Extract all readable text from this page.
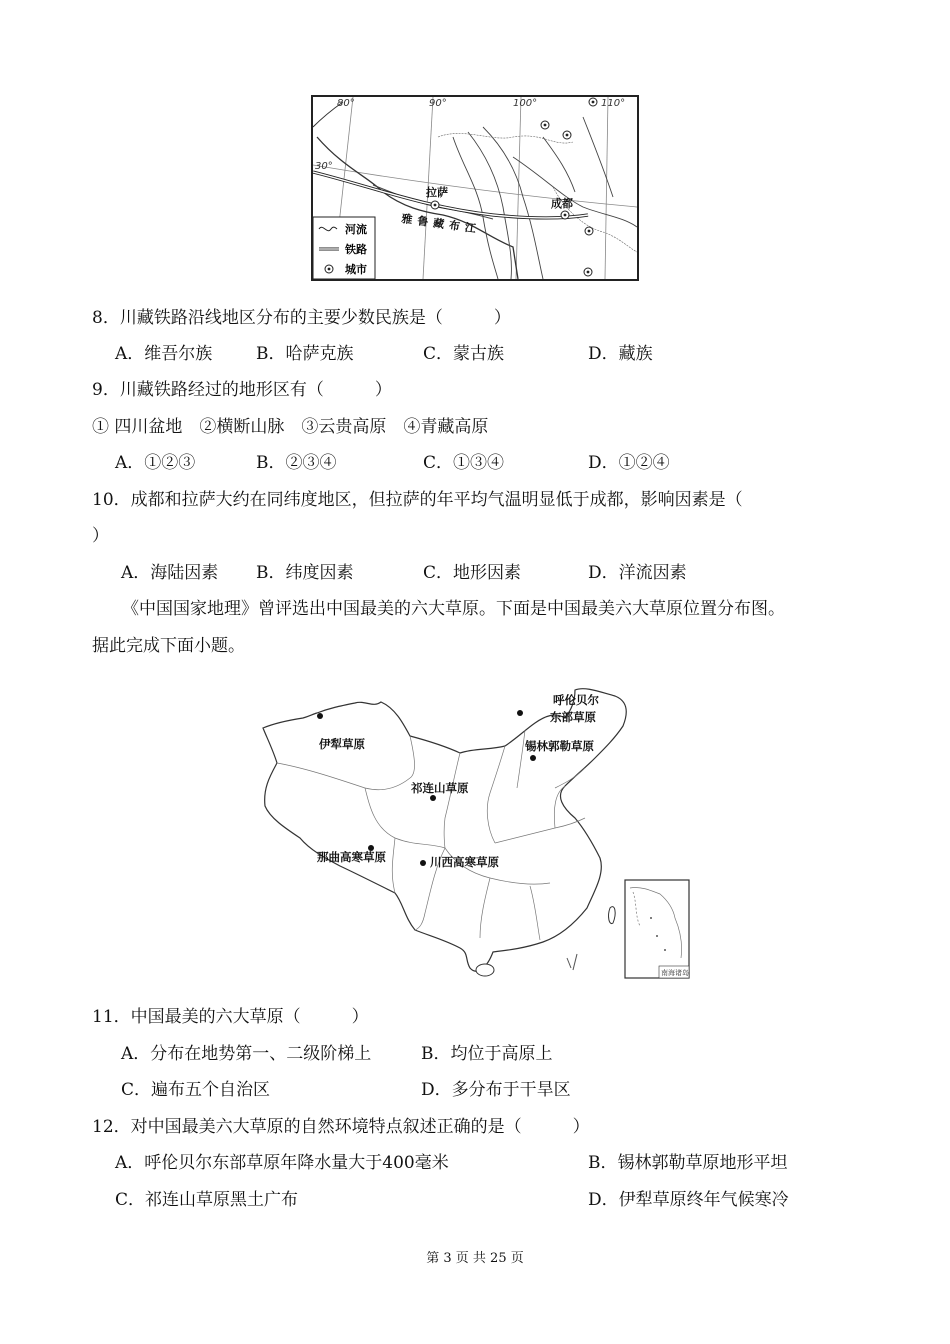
80°	90°	100°	110°
30°
拉萨
成都
雅鲁藏布江
河流
铁路
城市
8．川藏铁路沿线地区分布的主要少数民族是（　　　）
A．维吾尔族	B．哈萨克族	C．蒙古族	D．藏族
9．川藏铁路经过的地形区有（　　　）
① 四川盆地　②横断山脉　③云贵高原　④青藏高原
A．①②③	B．②③④	C．①③④	D．①②④
10．成都和拉萨大约在同纬度地区，但拉萨的年平均气温明显低于成都，影响因素是（
）
A．海陆因素 B．纬度因素	C．地形因素	D．洋流因素
《中国国家地理》曾评选出中国最美的六大草原。下面是中国最美六大草原位置分布图。
据此完成下面小题。
南海诸岛
呼伦贝尔
东部草原
锡林郭勒草原
伊犁草原
祁连山草原
那曲高寒草原	川西高寒草原
11．中国最美的六大草原（　　　）
A．分布在地势第一、二级阶梯上	B．均位于高原上
C．遍布五个自治区	D．多分布于干旱区
12．对中国最美六大草原的自然环境特点叙述正确的是（　　　）
A．呼伦贝尔东部草原年降水量大于400毫米	B．锡林郭勒草原地形平坦
C．祁连山草原黑土广布	D．伊犁草原终年气候寒冷
第 3 页 共 25 页
